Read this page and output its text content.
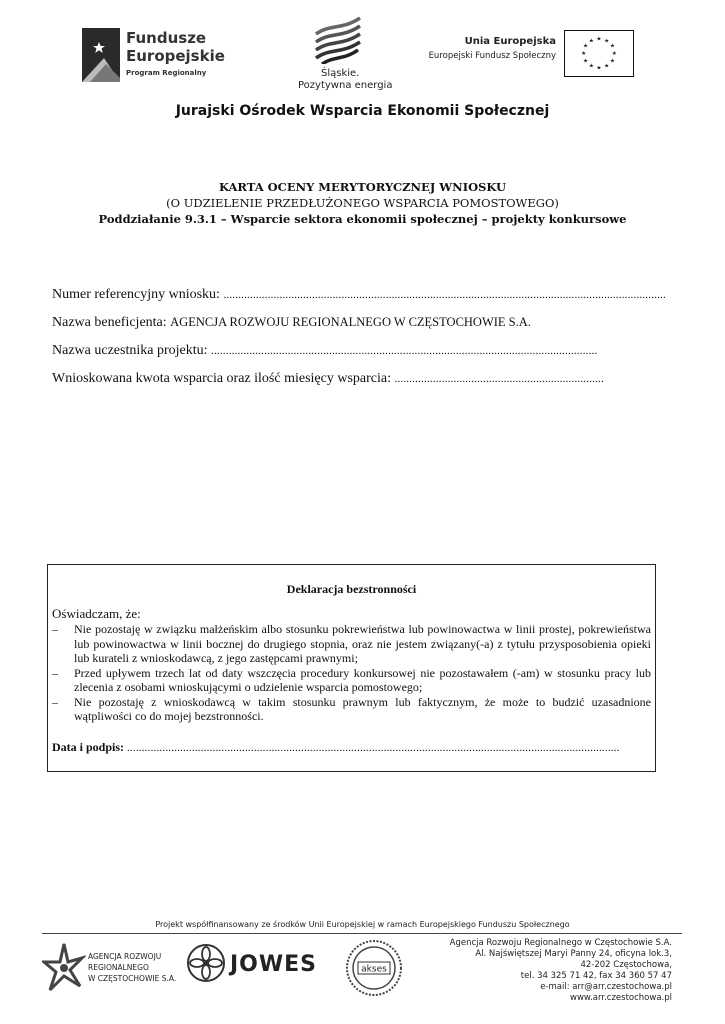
Fundusze
Europejskie
Program Regionalny	Śląskie.
Pozytywna energia
Unia Europejska
Europejski Fundusz Społeczny
★ ★
★
★
★
★
★
★
★
★
★
★
Jurajski Ośrodek Wsparcia Ekonomii Społecznej
KARTA OCENY MERYTORYCZNEJ WNIOSKU
(O UDZIELENIE PRZEDŁUŻONEGO WSPARCIA POMOSTOWEGO)
Poddziałanie 9.3.1 – Wsparcie sektora ekonomii społecznej – projekty konkursowe
Numer referencyjny wniosku: ......................................................................................................................................................
Nazwa beneficjenta: AGENCJA ROZWOJU REGIONALNEGO W CZĘSTOCHOWIE S.A.
Nazwa uczestnika projektu: ...................................................................................................................................
Wnioskowana kwota wsparcia oraz ilość miesięcy wsparcia: .......................................................................
Deklaracja bezstronności
Oświadczam, że:
– Nie pozostaję w związku małżeńskim albo stosunku pokrewieństwa lub powinowactwa w linii prostej, pokrewieństwa lub powinowactwa w linii bocznej do drugiego stopnia, oraz nie jestem związany(-a) z tytułu przysposobienia opieki lub kurateli z wnioskodawcą, z jego zastępcami prawnymi;
– Przed upływem trzech lat od daty wszczęcia procedury konkursowej nie pozostawałem (-am) w stosunku pracy lub zlecenia z osobami wnioskującymi o udzielenie wsparcia pomostowego;
– Nie pozostaję z wnioskodawcą w takim stosunku prawnym lub faktycznym, że może to budzić uzasadnione wątpliwości co do mojej bezstronności.
Data i podpis: .......................................................................................................................................................................
Projekt współfinansowany ze środków Unii Europejskiej w ramach Europejskiego Funduszu Społecznego
AGENCJA ROZWOJU
REGIONALNEGO
W CZĘSTOCHOWIE S.A.
JOWES	akses
Agencja Rozwoju Regionalnego w Częstochowie S.A.
Al. Najświętszej Maryi Panny 24, oficyna lok.3,
42-202 Częstochowa,
tel. 34 325 71 42, fax 34 360 57 47
e-mail: arr@arr.czestochowa.pl
www.arr.czestochowa.pl
